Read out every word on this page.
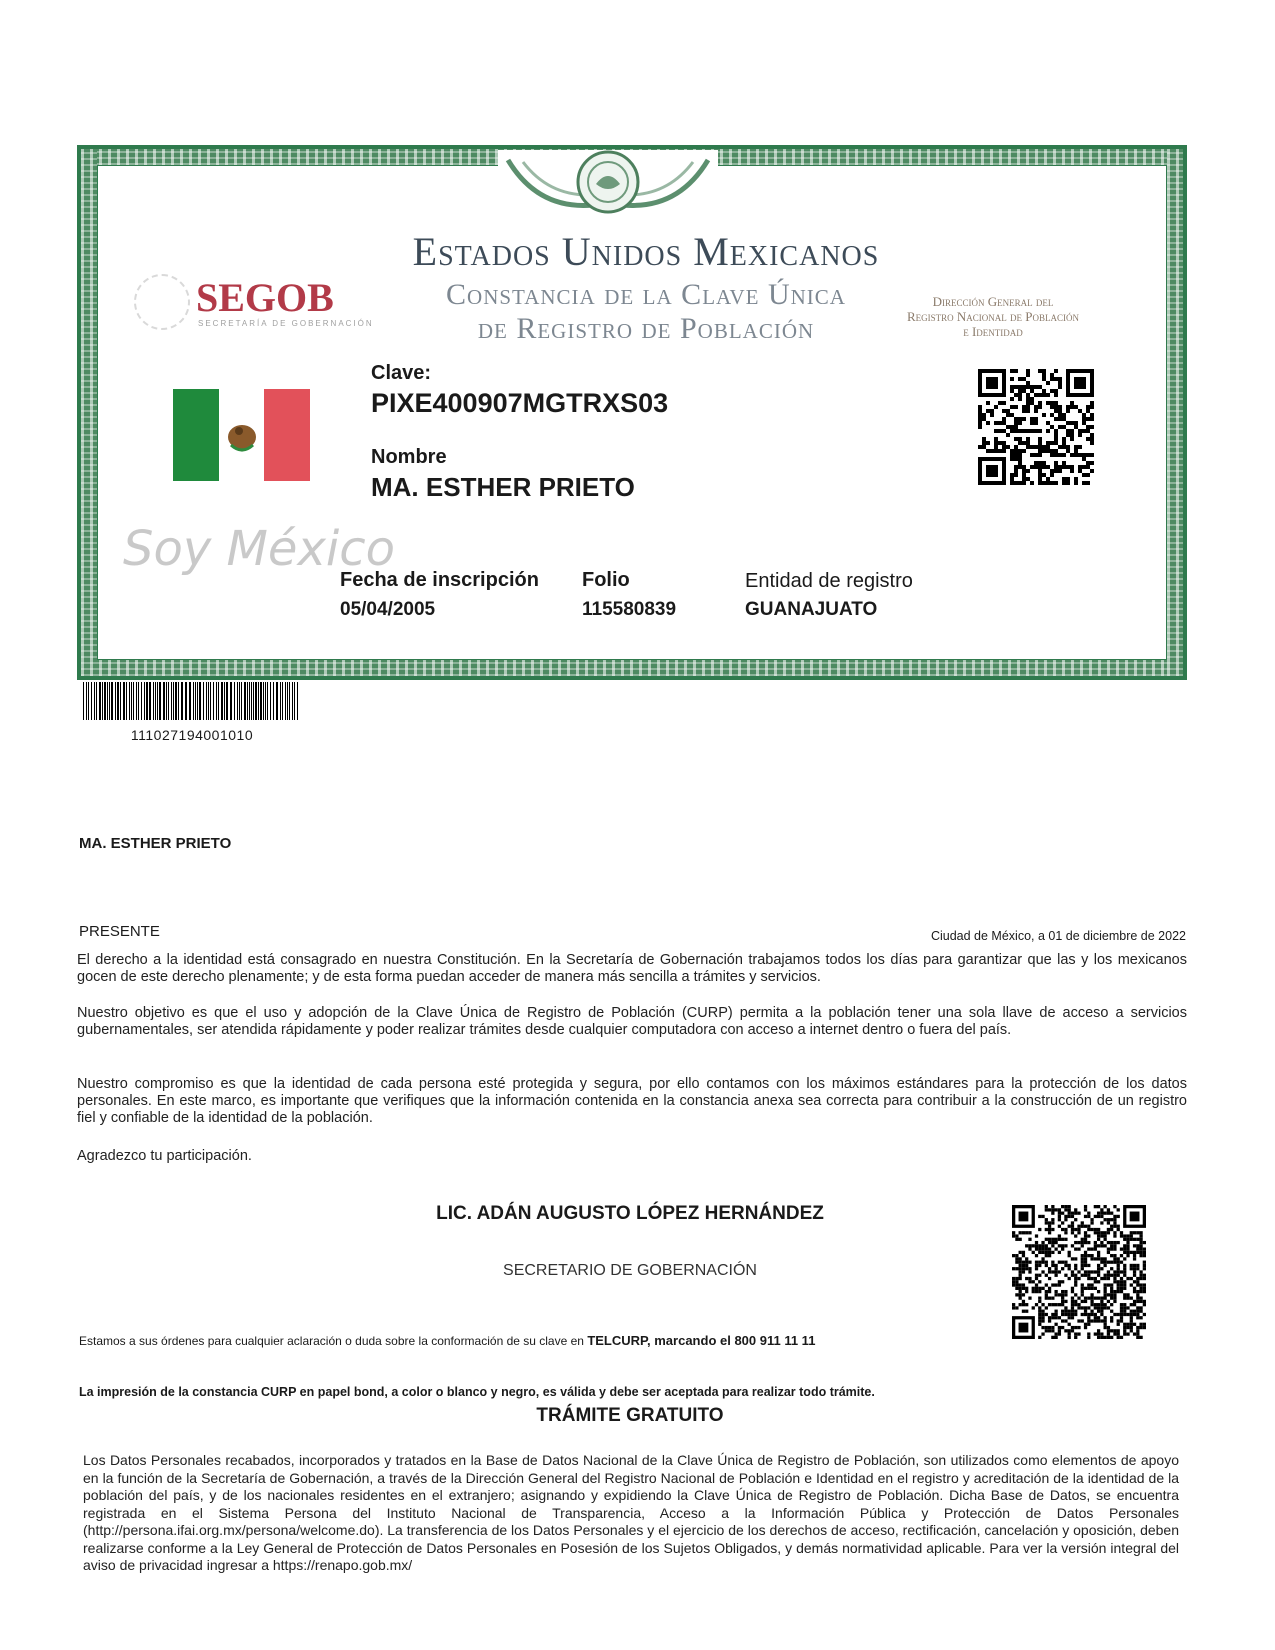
Estados Unidos Mexicanos
Constancia de la Clave Única
de Registro de Población
SEGOB
SECRETARÍA DE GOBERNACIÓN
Dirección General del
Registro Nacional de Población
e Identidad
Clave:
PIXE400907MGTRXS03
Nombre
MA. ESTHER PRIETO
Soy México
Fecha de inscripción
05/04/2005
Folio
115580839
Entidad de registro
GUANAJUATO
111027194001010
MA. ESTHER PRIETO
PRESENTE	Ciudad de México, a 01 de diciembre de 2022
El derecho a la identidad está consagrado en nuestra Constitución. En la Secretaría de Gobernación trabajamos todos los días para garantizar que las y los mexicanos gocen de este derecho plenamente; y de esta forma puedan acceder de manera más sencilla a trámites y servicios.
Nuestro objetivo es que el uso y adopción de la Clave Única de Registro de Población (CURP) permita a la población tener una sola llave de acceso a servicios gubernamentales, ser atendida rápidamente y poder realizar trámites desde cualquier computadora con acceso a internet dentro o fuera del país.
Nuestro compromiso es que la identidad de cada persona esté protegida y segura, por ello contamos con los máximos estándares para la protección de los datos personales. En este marco, es importante que verifiques que la información contenida en la constancia anexa sea correcta para contribuir a la construcción de un registro fiel y confiable de la identidad de la población.
Agradezco tu participación.
LIC. ADÁN AUGUSTO LÓPEZ HERNÁNDEZ
SECRETARIO DE GOBERNACIÓN
Estamos a sus órdenes para cualquier aclaración o duda sobre la conformación de su clave en TELCURP, marcando el 800 911 11 11
La impresión de la constancia CURP en papel bond, a color o blanco y negro, es válida y debe ser aceptada para realizar todo trámite.
TRÁMITE GRATUITO
Los Datos Personales recabados, incorporados y tratados en la Base de Datos Nacional de la Clave Única de Registro de Población, son utilizados como elementos de apoyo en la función de la Secretaría de Gobernación, a través de la Dirección General del Registro Nacional de Población e Identidad en el registro y acreditación de la identidad de la población del país, y de los nacionales residentes en el extranjero; asignando y expidiendo la Clave Única de Registro de Población. Dicha Base de Datos, se encuentra registrada en el Sistema Persona del Instituto Nacional de Transparencia, Acceso a la Información Pública y Protección de Datos Personales (http://persona.ifai.org.mx/persona/welcome.do). La transferencia de los Datos Personales y el ejercicio de los derechos de acceso, rectificación, cancelación y oposición, deben realizarse conforme a la Ley General de Protección de Datos Personales en Posesión de los Sujetos Obligados, y demás normatividad aplicable. Para ver la versión integral del aviso de privacidad ingresar a https://renapo.gob.mx/
